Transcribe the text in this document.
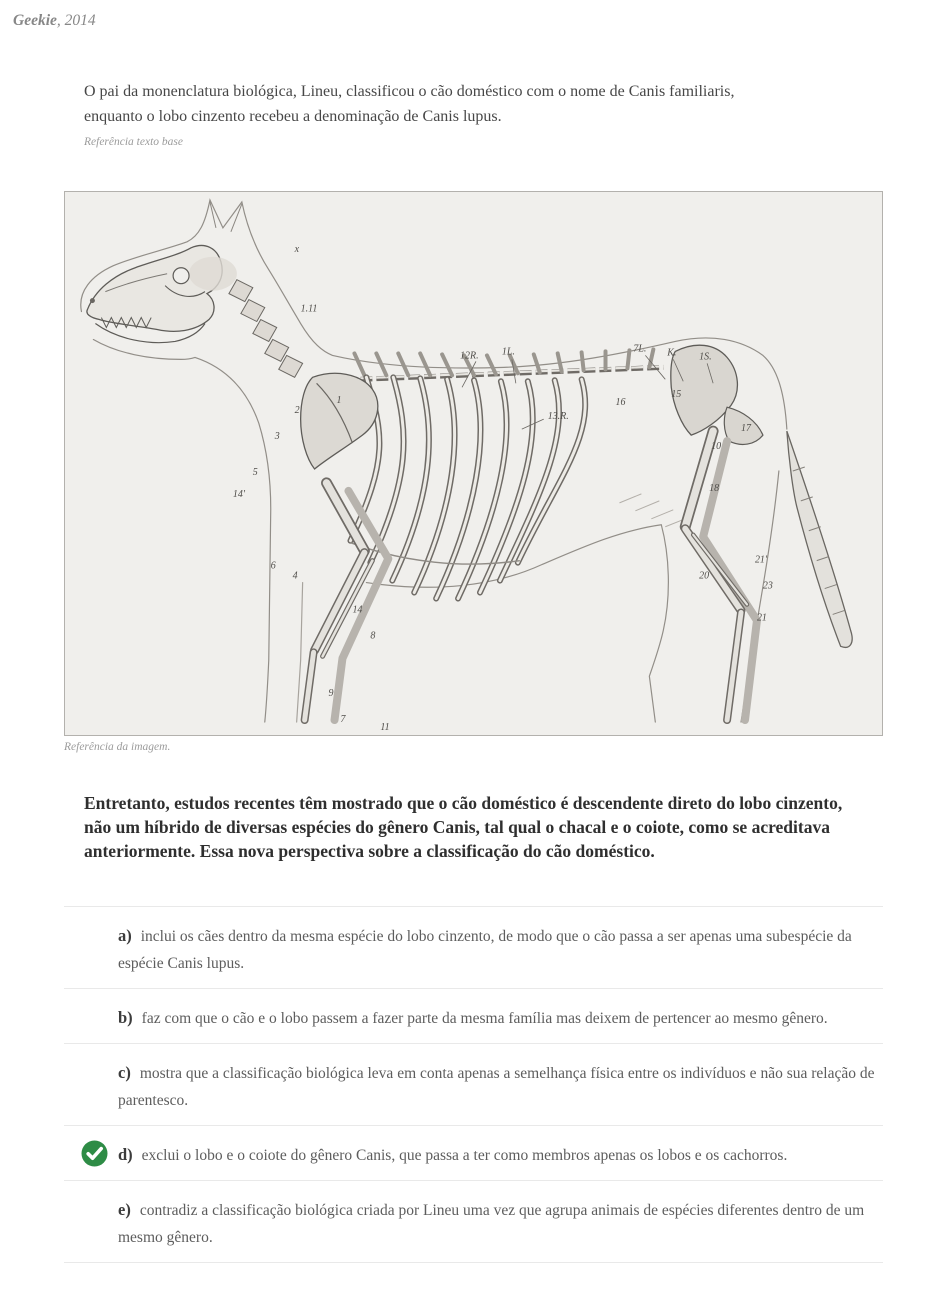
Geekie, 2014

O pai da monenclatura biológica, Lineu, classificou o cão doméstico com o nome de Canis familiaris, enquanto o lobo cinzento recebeu a denominação de Canis lupus.

Referência texto base

x
1.11
12R. 1L.	7L. K. 1S.
13.R.
16
15
17
10
18
20
21'
23
21
1
2
3
5
14'
6
4
14
8
9
7
11

Referência da imagem.

Entretanto, estudos recentes têm mostrado que o cão doméstico é descendente direto do lobo cinzento, não um híbrido de diversas espécies do gênero Canis, tal qual o chacal e o coiote, como se acreditava anteriormente. Essa nova perspectiva sobre a classificação do cão doméstico.

a) inclui os cães dentro da mesma espécie do lobo cinzento, de modo que o cão passa a ser apenas uma subespécie da espécie Canis lupus.

b) faz com que o cão e o lobo passem a fazer parte da mesma família mas deixem de pertencer ao mesmo gênero.

c) mostra que a classificação biológica leva em conta apenas a semelhança física entre os indivíduos e não sua relação de parentesco.

d) exclui o lobo e o coiote do gênero Canis, que passa a ter como membros apenas os lobos e os cachorros.

e) contradiz a classificação biológica criada por Lineu uma vez que agrupa animais de espécies diferentes dentro de um mesmo gênero.
